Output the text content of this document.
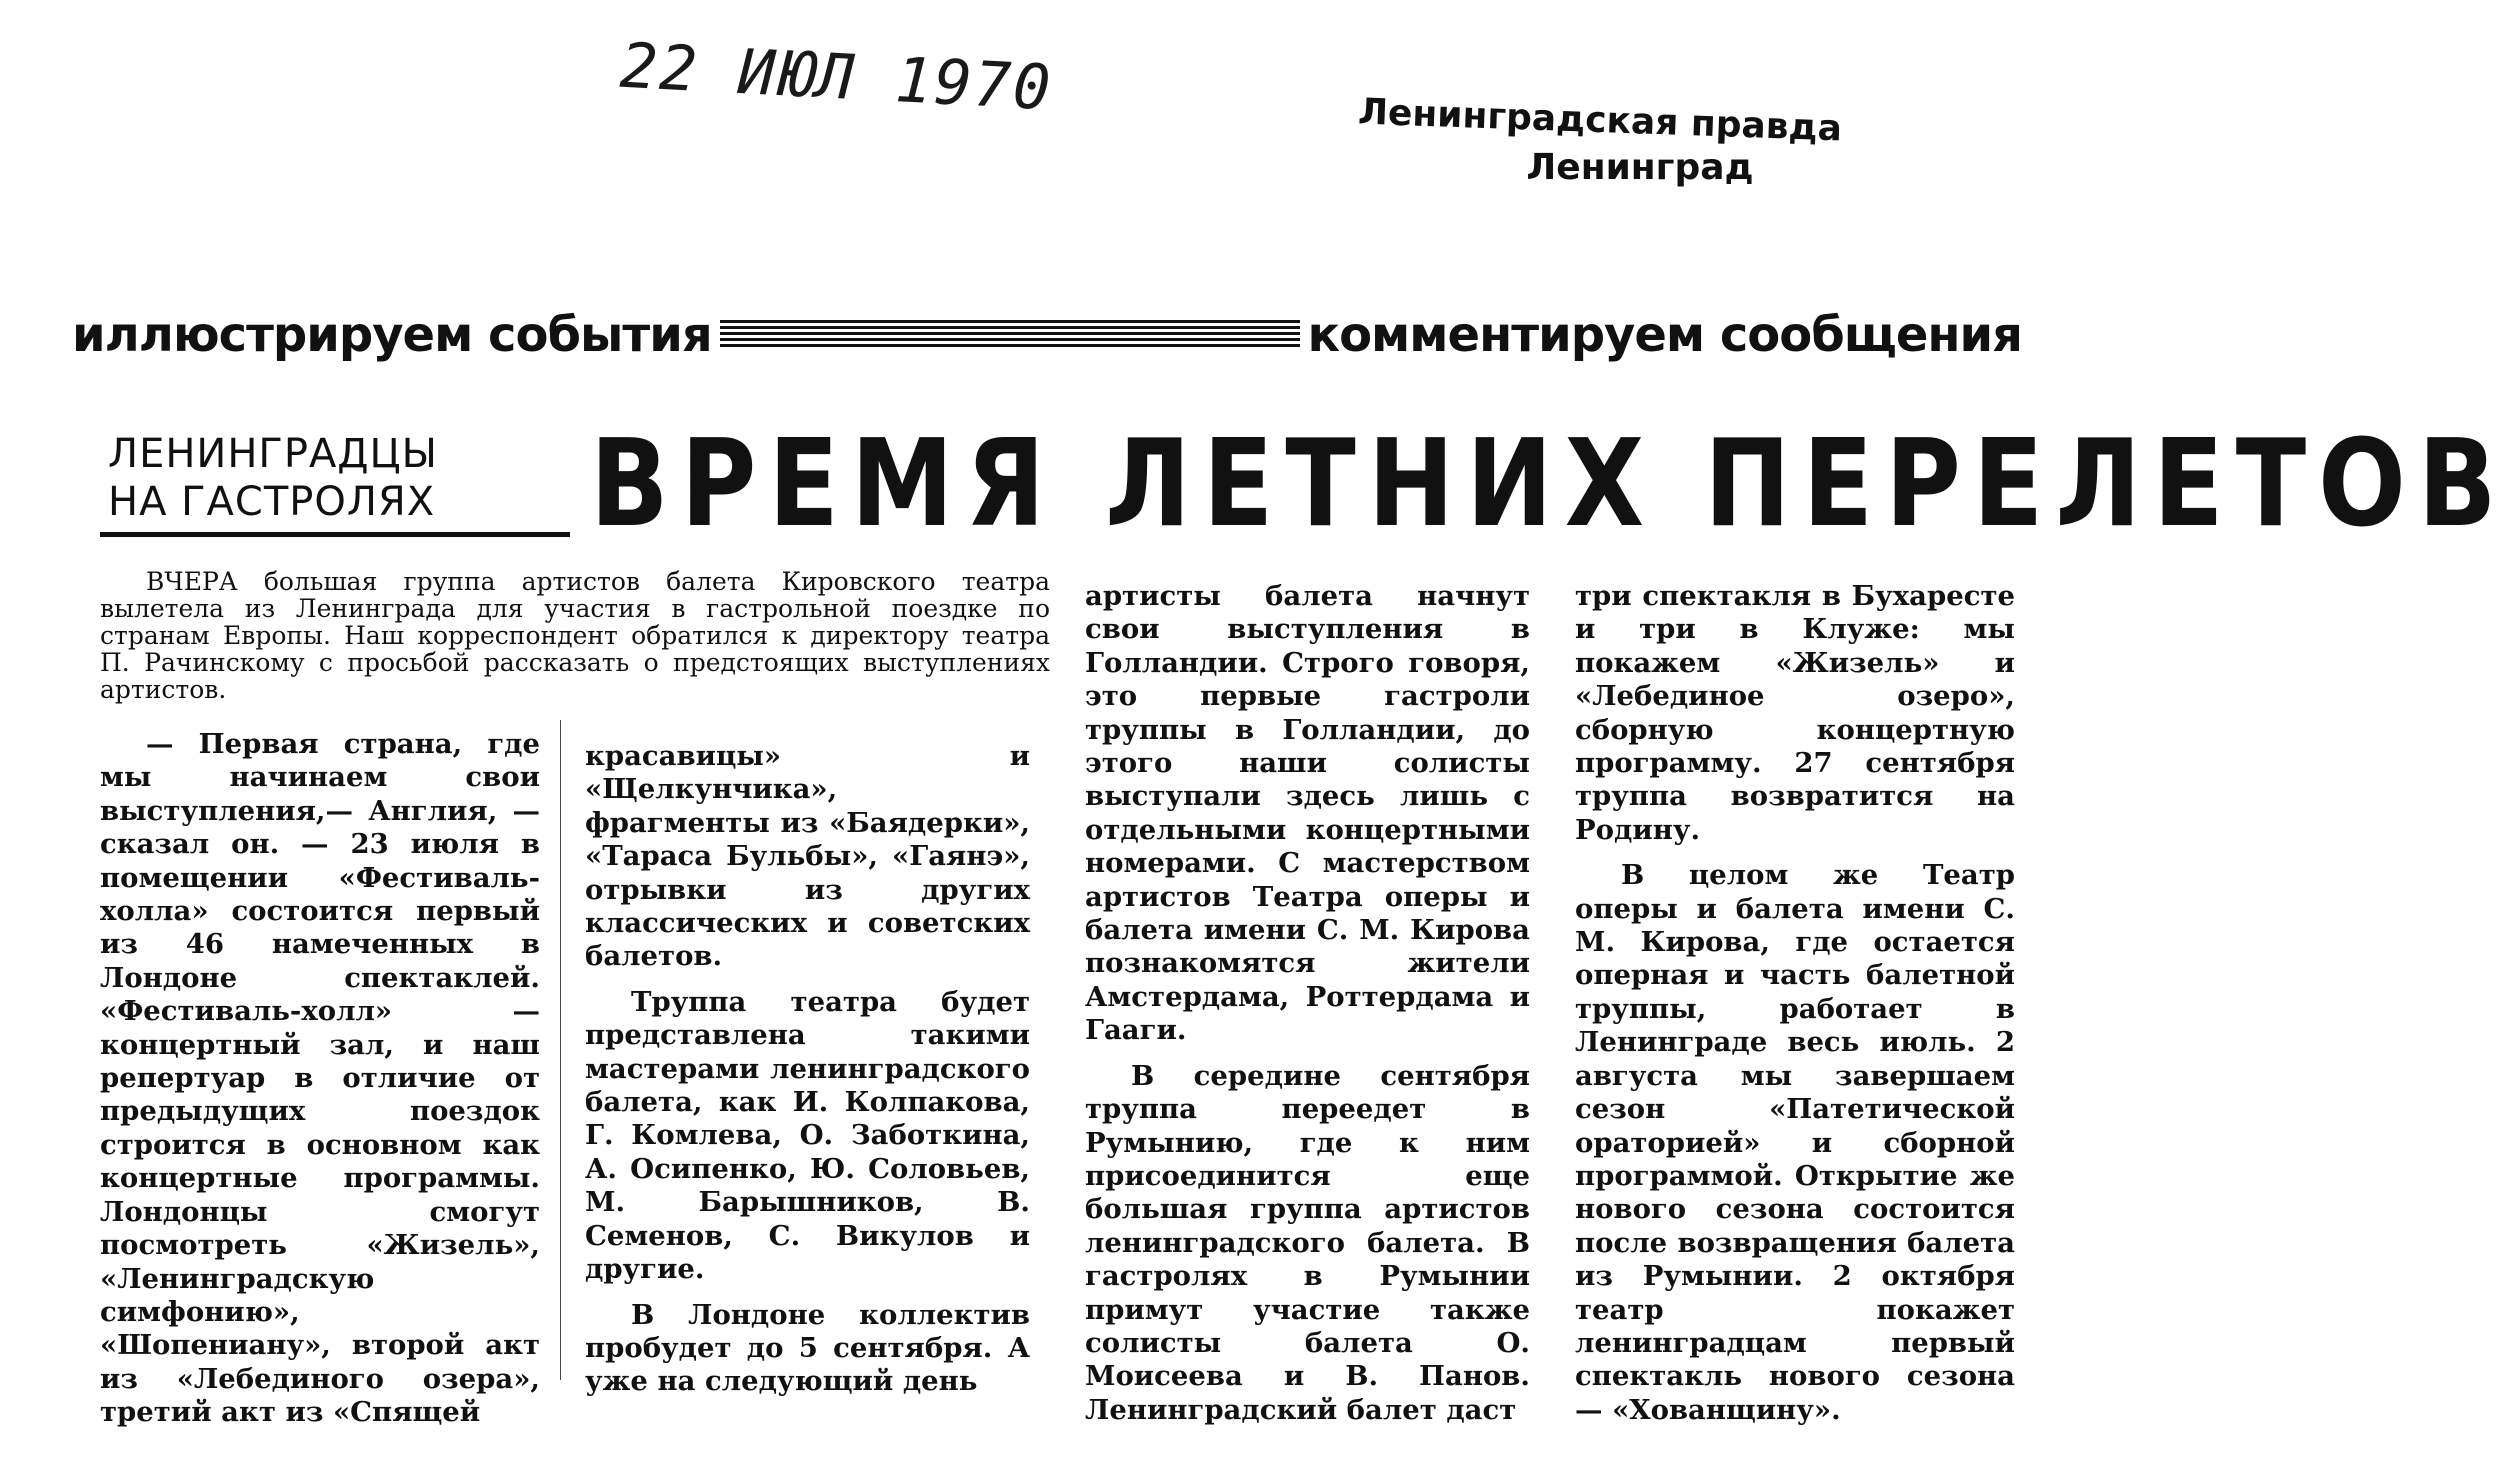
22 ИЮЛ 1970	Ленинградская правда
Ленинград
иллюстрируем события	комментируем сообщения
ЛЕНИНГРАДЦЫ
НА ГАСТРОЛЯХ	ВРЕМЯ ЛЕТНИХ ПЕРЕЛЕТОВ
ВЧЕРА большая группа артистов балета Кировского театра вылетела из Ленинграда для участия в гастрольной поездке по странам Европы. Наш корреспондент обратился к директору театра П. Рачинскому с просьбой рассказать о предстоящих выступлениях артистов.

— Первая страна, где мы начинаем свои выступления,— Англия, — сказал он. — 23 июля в помещении «Фестиваль-холла» состоится первый из 46 намеченных в Лондоне спектаклей. «Фестиваль-холл» — концертный зал, и наш репертуар в отличие от предыдущих поездок строится в основном как концертные программы. Лондонцы смогут посмотреть «Жизель», «Ленинградскую симфонию», «Шопениану», второй акт из «Лебединого озера», третий акт из «Спящей

красавицы» и «Щелкунчика», фрагменты из «Баядерки», «Тараса Бульбы», «Гаянэ», отрывки из других классических и советских балетов.

Труппа театра будет представлена такими мастерами ленинградского балета, как И. Колпакова, Г. Комлева, О. Заботкина, А. Осипенко, Ю. Соловьев, М. Барышников, В. Семенов, С. Викулов и другие.

В Лондоне коллектив пробудет до 5 сентября. А уже на следующий день

артисты балета начнут свои выступления в Голландии. Строго говоря, это первые гастроли труппы в Голландии, до этого наши солисты выступали здесь лишь с отдельными концертными номерами. С мастерством артистов Театра оперы и балета имени С. М. Кирова познакомятся жители Амстердама, Роттердама и Гааги.

В середине сентября труппа переедет в Румынию, где к ним присоединится еще большая группа артистов ленинградского балета. В гастролях в Румынии примут участие также солисты балета О. Моисеева и В. Панов. Ленинградский балет даст

три спектакля в Бухаресте и три в Клуже: мы покажем «Жизель» и «Лебединое озеро», сборную концертную программу. 27 сентября труппа возвратится на Родину.

В целом же Театр оперы и балета имени С. М. Кирова, где остается оперная и часть балетной труппы, работает в Ленинграде весь июль. 2 августа мы завершаем сезон «Патетической ораторией» и сборной программой. Открытие же нового сезона состоится после возвращения балета из Румынии. 2 октября театр покажет ленинградцам первый спектакль нового сезона — «Хованщину».
